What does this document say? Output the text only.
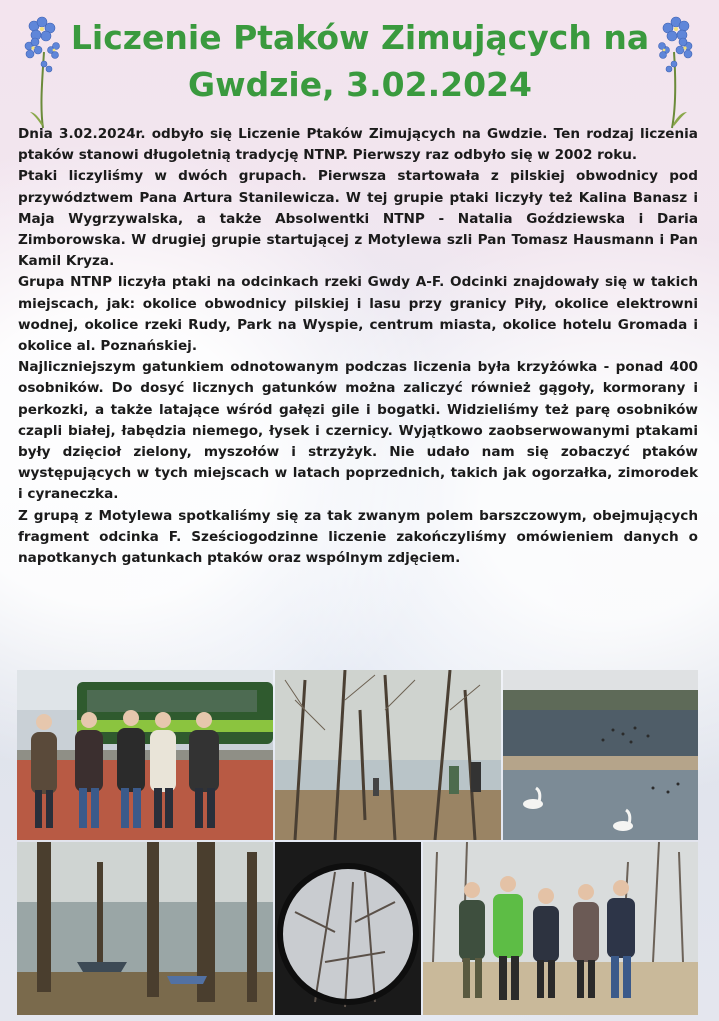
Liczenie Ptaków Zimujących na Gwdzie, 3.02.2024

Dnia 3.02.2024r. odbyło się Liczenie Ptaków Zimujących na Gwdzie. Ten rodzaj liczenia ptaków stanowi długoletnią tradycję NTNP. Pierwszy raz odbyło się w 2002 roku.

Ptaki liczyliśmy w dwóch grupach. Pierwsza startowała z pilskiej obwodnicy pod przywództwem Pana Artura Stanilewicza. W tej grupie ptaki liczyły też Kalina Banasz i Maja Wygrzywalska, a także Absolwentki NTNP - Natalia Goździewska i Daria Zimborowska. W drugiej grupie startującej z Motylewa szli Pan Tomasz Hausmann i Pan Kamil Kryza.

Grupa NTNP liczyła ptaki na odcinkach rzeki Gwdy A-F. Odcinki znajdowały się w takich miejscach, jak: okolice obwodnicy pilskiej i lasu przy granicy Piły, okolice elektrowni wodnej, okolice rzeki Rudy, Park na Wyspie, centrum miasta, okolice hotelu Gromada i okolice al. Poznańskiej.

Najliczniejszym gatunkiem odnotowanym podczas liczenia była krzyżówka - ponad 400 osobników. Do dosyć licznych gatunków można zaliczyć również gągoły, kormorany i perkozki, a także latające wśród gałęzi gile i bogatki. Widzieliśmy też parę osobników czapli białej, łabędzia niemego, łysek i czernicy. Wyjątkowo zaobserwowanymi ptakami były dzięcioł zielony, myszołów i strzyżyk. Nie udało nam się zobaczyć ptaków występujących w tych miejscach w latach poprzednich, takich jak ogorzałka, zimorodek i cyraneczka.

Z grupą z Motylewa spotkaliśmy się za tak zwanym polem barszczowym, obejmujących fragment odcinka F. Sześciogodzinne liczenie zakończyliśmy omówieniem danych o napotkanych gatunkach ptaków oraz wspólnym zdjęciem.
